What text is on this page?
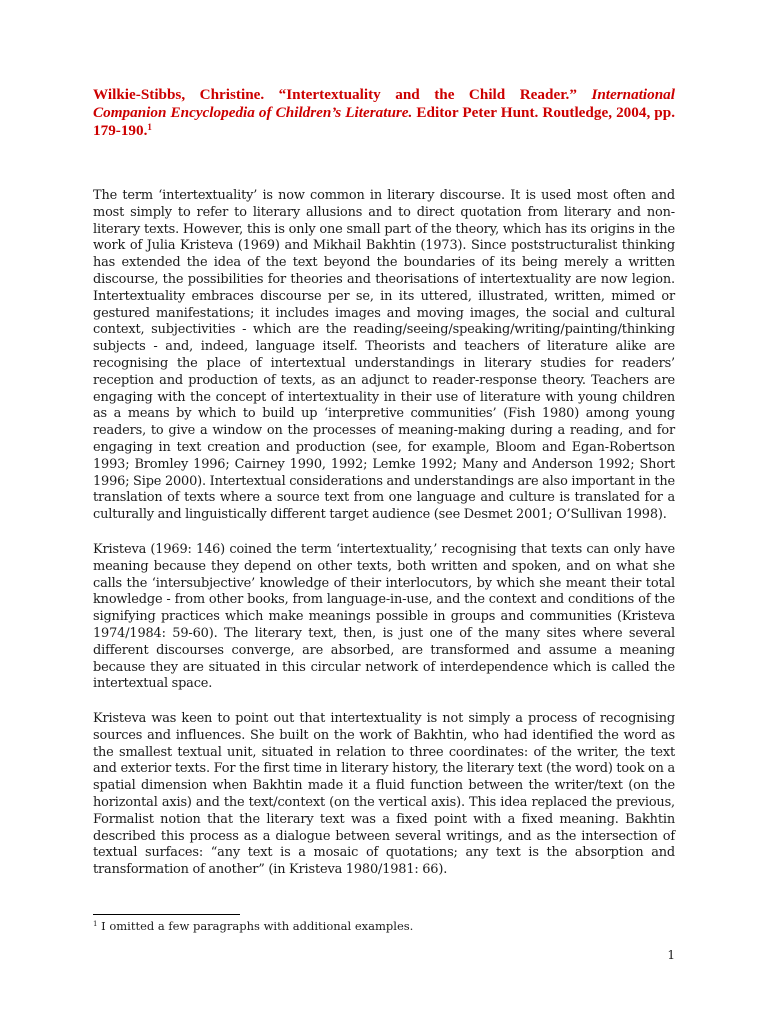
Wilkie-Stibbs, Christine. “Intertextuality and the Child Reader.” International Companion Encyclopedia of Children’s Literature. Editor Peter Hunt. Routledge, 2004, pp. 179-190.$^1$

The term ‘intertextuality’ is now common in literary discourse. It is used most often and most simply to refer to literary allusions and to direct quotation from literary and non-literary texts. However, this is only one small part of the theory, which has its origins in the work of Julia Kristeva (1969) and Mikhail Bakhtin (1973). Since poststructuralist thinking has extended the idea of the text beyond the boundaries of its being merely a written discourse, the possibilities for theories and theorisations of intertextuality are now legion. Intertextuality embraces discourse per se, in its uttered, illustrated, written, mimed or gestured manifestations; it includes images and moving images, the social and cultural context, subjectivities - which are the reading/seeing/speaking/writing/painting/thinking subjects - and, indeed, language itself. Theorists and teachers of literature alike are recognising the place of intertextual understandings in literary studies for readers’ reception and production of texts, as an adjunct to reader-response theory. Teachers are engaging with the concept of intertextuality in their use of literature with young children as a means by which to build up ‘interpretive communities’ (Fish 1980) among young readers, to give a window on the processes of meaning-making during a reading, and for engaging in text creation and production (see, for example, Bloom and Egan-Robertson 1993; Bromley 1996; Cairney 1990, 1992; Lemke 1992; Many and Anderson 1992; Short 1996; Sipe 2000). Intertextual considerations and understandings are also important in the translation of texts where a source text from one language and culture is translated for a culturally and linguistically different target audience (see Desmet 2001; O’Sullivan 1998).

Kristeva (1969: 146) coined the term ‘intertextuality,’ recognising that texts can only have meaning because they depend on other texts, both written and spoken, and on what she calls the ‘intersubjective’ knowledge of their interlocutors, by which she meant their total knowledge - from other books, from language-in-use, and the context and conditions of the signifying practices which make meanings possible in groups and communities (Kristeva 1974/1984: 59-60). The literary text, then, is just one of the many sites where several different discourses converge, are absorbed, are transformed and assume a meaning because they are situated in this circular network of interdependence which is called the intertextual space.

Kristeva was keen to point out that intertextuality is not simply a process of recognising sources and influences. She built on the work of Bakhtin, who had identified the word as the smallest textual unit, situated in relation to three coordinates: of the writer, the text and exterior texts. For the first time in literary history, the literary text (the word) took on a spatial dimension when Bakhtin made it a fluid function between the writer/text (on the horizontal axis) and the text/context (on the vertical axis). This idea replaced the previous, Formalist notion that the literary text was a fixed point with a fixed meaning. Bakhtin described this process as a dialogue between several writings, and as the intersection of textual surfaces: “any text is a mosaic of quotations; any text is the absorption and transformation of another” (in Kristeva 1980/1981: 66).

$^1$ I omitted a few paragraphs with additional examples.

1
